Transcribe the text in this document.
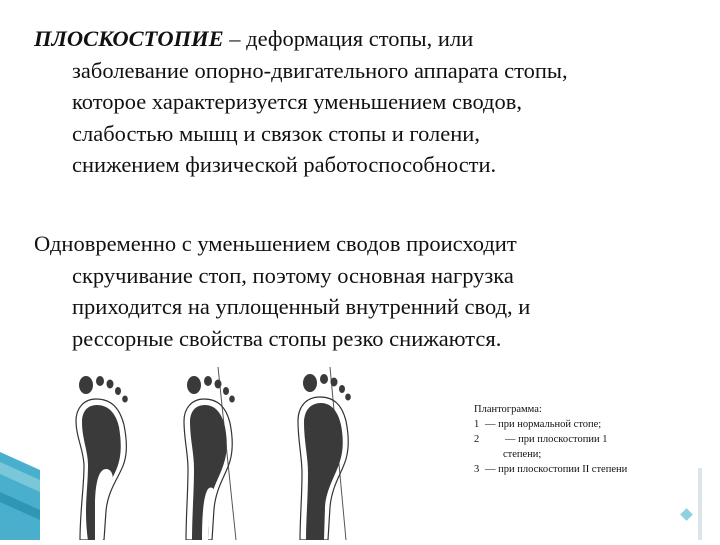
ПЛОСКОСТОПИЕ – деформация стопы, или
заболевание опорно-двигательного аппарата стопы,
которое характеризуется уменьшением сводов,
слабостью мышц и связок стопы и голени,
снижением физической работоспособности.
Одновременно с уменьшением сводов происходит
скручивание стоп, поэтому основная нагрузка
приходится на уплощенный внутренний свод, и
рессорные свойства стопы резко снижаются.
Плантограмма:
1 — при нормальной стопе;
2	— при плоскостопии 1
степени;
3 — при плоскостопии II степени
